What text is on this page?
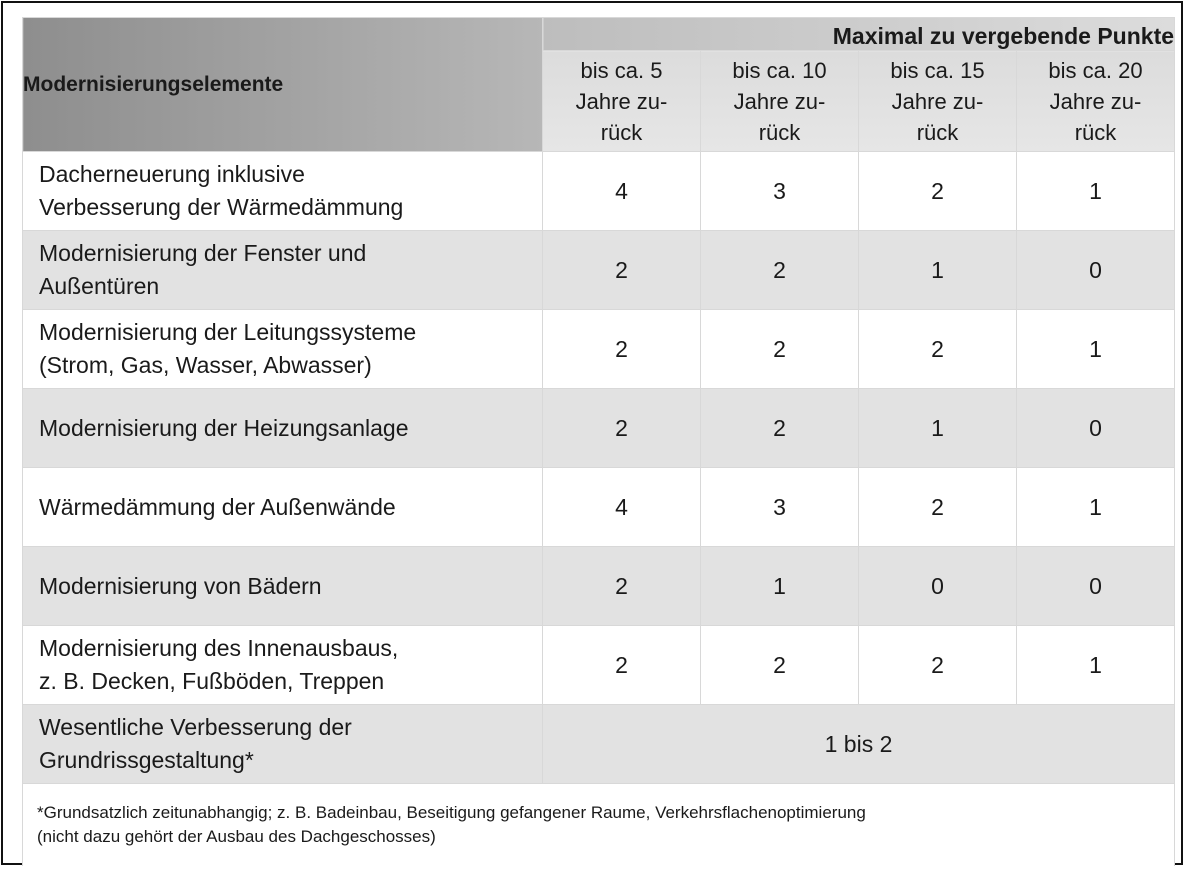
Modernisierungselemente	Maximal zu vergebende Punkte			

	bis ca. 5
Jahre zu-
rück	bis ca. 10
Jahre zu-
rück	bis ca. 15
Jahre zu-
rück	bis ca. 20
Jahre zu-
rück

Dacherneuerung inklusive
Verbesserung der Wärmedämmung	4	3	2	1

Modernisierung der Fenster und
Außentüren	2	2	1	0

Modernisierung der Leitungssysteme
(Strom, Gas, Wasser, Abwasser)	2	2	2	1

Modernisierung der Heizungsanlage	2	2	1	0

Wärmedämmung der Außenwände	4	3	2	1

Modernisierung von Bädern	2	1	0	0

Modernisierung des Innenausbaus,
z. B. Decken, Fußböden, Treppen	2	2	2	1

Wesentliche Verbesserung der
Grundrissgestaltung*	1 bis 2			

*Grundsatzlich zeitunabhangig; z. B. Badeinbau, Beseitigung gefangener Raume, Verkehrsflachenoptimierung
(nicht dazu gehört der Ausbau des Dachgeschosses)				
